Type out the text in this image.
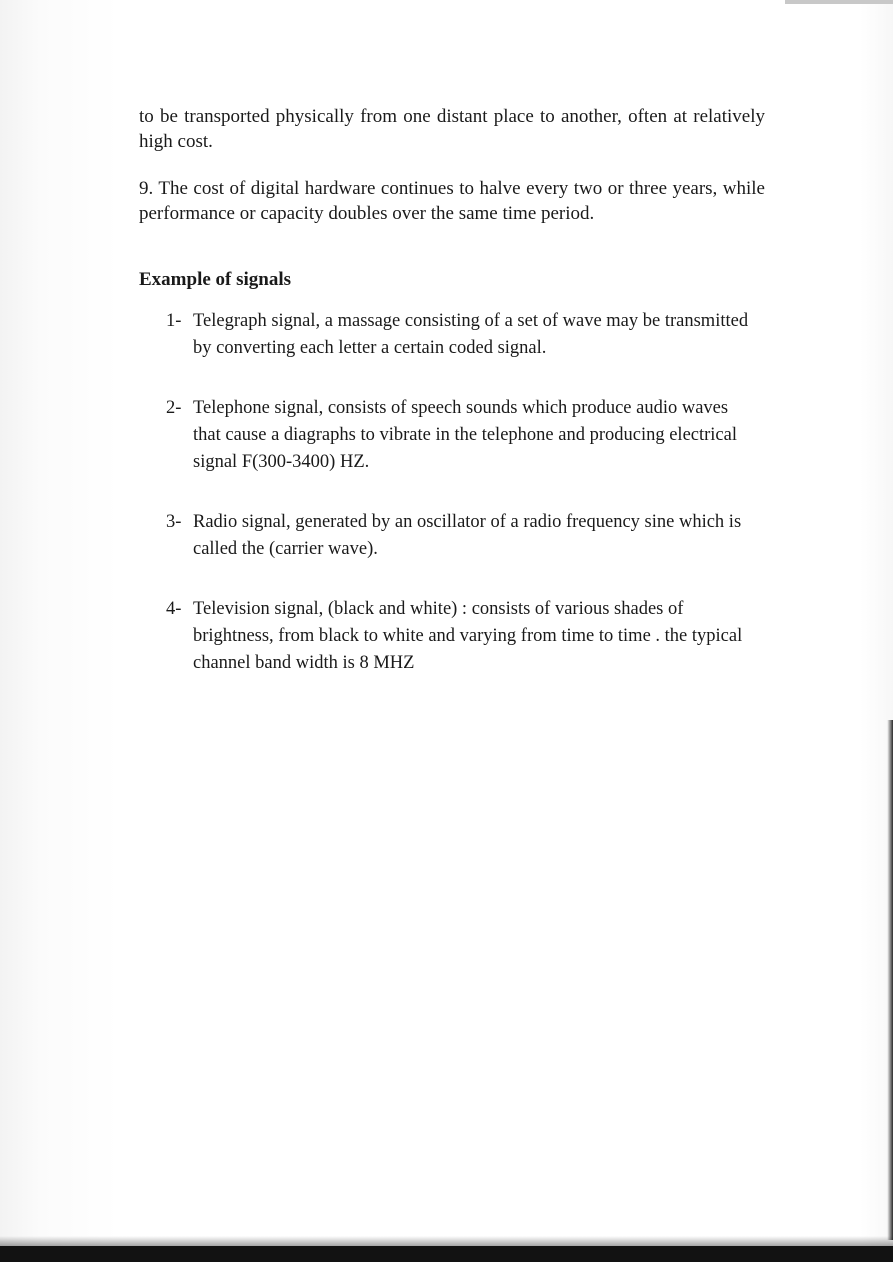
to be transported physically from one distant place to another, often at relatively high cost.

9. The cost of digital hardware continues to halve every two or three years, while performance or capacity doubles over the same time period.

Example of signals
1- Telegraph signal, a massage consisting of a set of wave may be transmitted by converting each letter a certain coded signal.
2- Telephone signal, consists of speech sounds which produce audio waves that cause a diagraphs to vibrate in the telephone and producing electrical signal F(300-3400) HZ.
3- Radio signal, generated by an oscillator of a radio frequency sine which is called the (carrier wave).
4- Television signal, (black and white) : consists of various shades of brightness, from black to white and varying from time to time . the typical channel band width is 8 MHZ
